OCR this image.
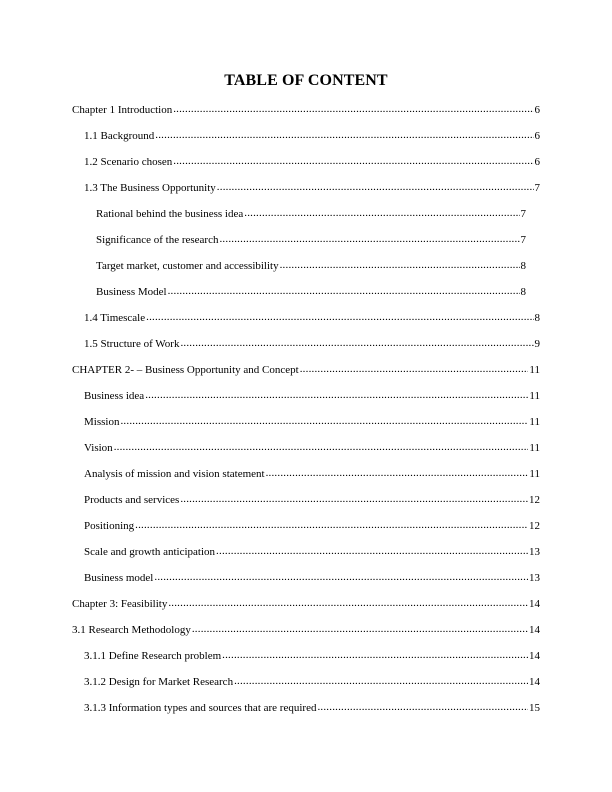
TABLE OF CONTENT
Chapter 1 Introduction .....	6
1.1 Background .....	6
1.2 Scenario chosen .....	6
1.3 The Business Opportunity .....	7
Rational behind the business idea .....	7
Significance of the research .....	7
Target market, customer and accessibility .....	8
Business Model .....	8
1.4 Timescale .....	8
1.5 Structure of Work .....	9
CHAPTER 2- – Business Opportunity and Concept .....	11
Business idea .....	11
Mission .....	11
Vision .....	11
Analysis of mission and vision statement .....	11
Products and services .....	12
Positioning .....	12
Scale and growth anticipation .....	13
Business model .....	13
Chapter 3: Feasibility .....	14
3.1 Research Methodology .....	14
3.1.1 Define Research problem .....	14
3.1.2 Design for Market Research .....	14
3.1.3 Information types and sources that are required .....	15
